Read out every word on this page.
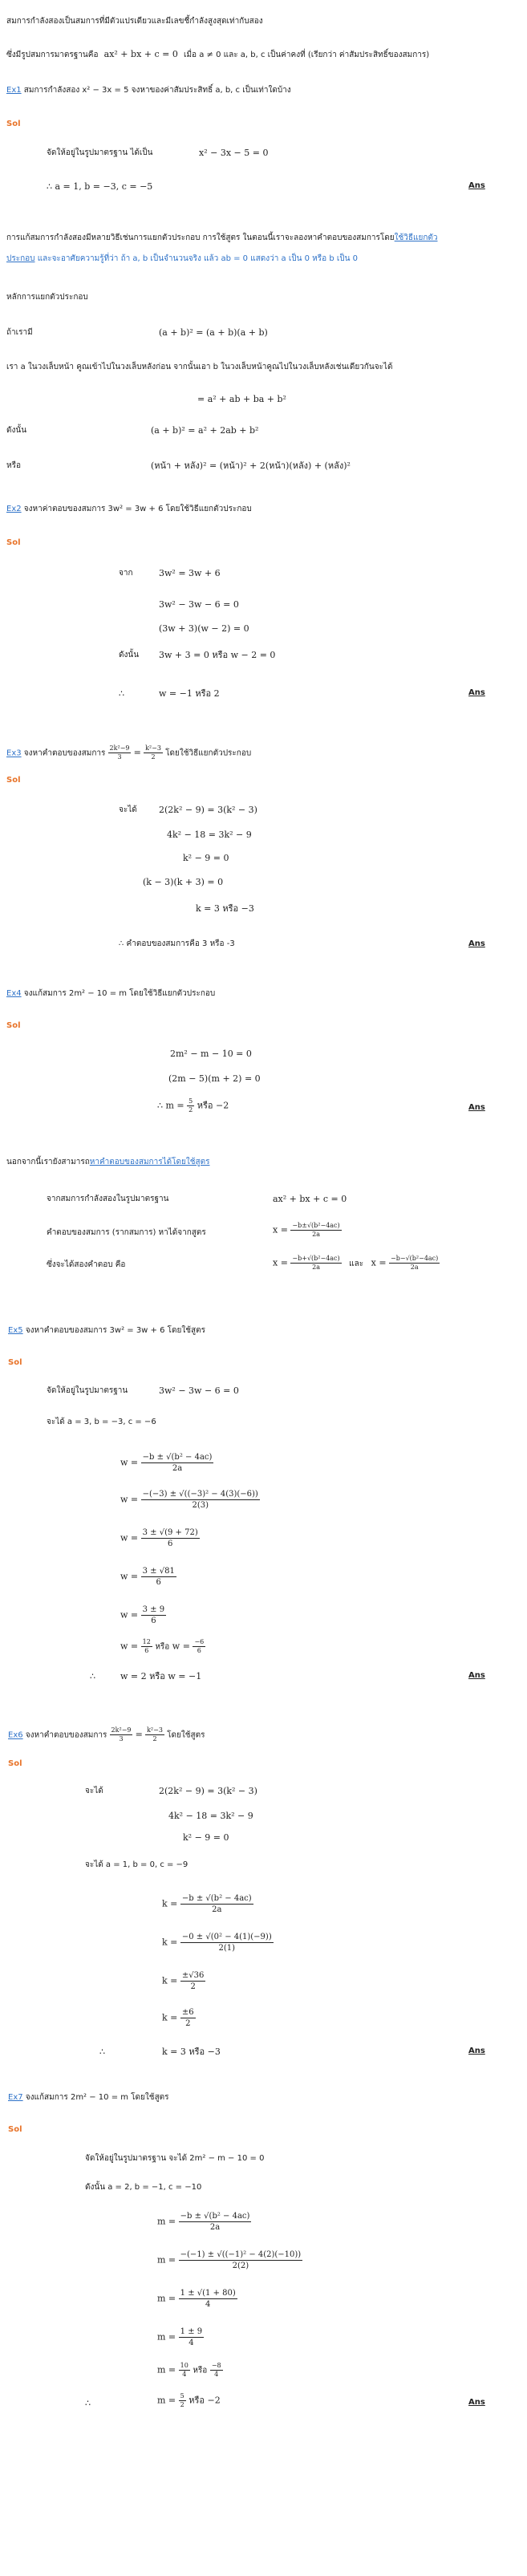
สมการกำลังสองเป็นสมการที่มีตัวแปรเดียวและมีเลขชี้กำลังสูงสุดเท่ากับสอง
ซึ่งมีรูปสมการมาตรฐานคือ ax² + bx + c = 0 เมื่อ a ≠ 0 และ a, b, c เป็นค่าคงที่ (เรียกว่า ค่าสัมประสิทธิ์ของสมการ)
Ex1 สมการกำลังสอง x² − 3x = 5 จงหาของค่าสัมประสิทธิ์ a, b, c เป็นเท่าใดบ้าง
Sol
จัดให้อยู่ในรูปมาตรฐาน ได้เป็น	x² − 3x − 5 = 0
∴ a = 1, b = −3, c = −5	Ans
การแก้สมการกำลังสองมีหลายวิธีเช่นการแยกตัวประกอบ การใช้สูตร ในตอนนี้เราจะลองหาคำตอบของสมการโดยใช้วิธีแยกตัว
ประกอบ และจะอาศัยความรู้ที่ว่า ถ้า a, b เป็นจำนวนจริง แล้ว ab = 0 แสดงว่า a เป็น 0 หรือ b เป็น 0
หลักการแยกตัวประกอบ
ถ้าเรามี	(a + b)² = (a + b)(a + b)
เรา a ในวงเล็บหน้า คูณเข้าไปในวงเล็บหลังก่อน จากนั้นเอา b ในวงเล็บหน้าคูณไปในวงเล็บหลังเช่นเดียวกันจะได้
= a² + ab + ba + b²
ดังนั้น	(a + b)² = a² + 2ab + b²
หรือ	(หน้า + หลัง)² = (หน้า)² + 2(หน้า)(หลัง) + (หลัง)²
Ex2 จงหาค่าตอบของสมการ 3w² = 3w + 6 โดยใช้วิธีแยกตัวประกอบ
Sol
จาก	3w² = 3w + 6
3w² − 3w − 6 = 0
(3w + 3)(w − 2) = 0
ดังนั้น 3w + 3 = 0 หรือ w − 2 = 0
∴	w = −1 หรือ 2	Ans
Ex3 จงหาคำตอบของสมการ $\frac{\text{2k²−9}}{3} = \frac{\text{k²−3}}{2}$ โดยใช้วิธีแยกตัวประกอบ
Sol
จะได้ 2(2k² − 9) = 3(k² − 3)
4k² − 18 = 3k² − 9
k² − 9 = 0
(k − 3)(k + 3) = 0
k = 3 หรือ −3
∴ คำตอบของสมการคือ 3 หรือ -3	Ans
Ex4 จงแก้สมการ 2m² − 10 = m โดยใช้วิธีแยกตัวประกอบ
Sol
2m² − m − 10 = 0
(2m − 5)(m + 2) = 0
∴ $m = \frac{5}{2}$ หรือ −2	Ans
นอกจากนี้เรายังสามารถหาคำตอบของสมการได้โดยใช้สูตร
จากสมการกำลังสองในรูปมาตรฐาน	ax² + bx + c = 0
คำตอบของสมการ (รากสมการ) หาได้จากสูตร	$x = \frac{\text{−b±√(b²−4ac)}}{2a}$
ซึ่งจะได้สองคำตอบ คือ	$x = \frac{\text{−b+√(b²−4ac)}}{2a}$ และ $x = \frac{\text{−b−√(b²−4ac)}}{2a}$
Ex5 จงหาคำตอบของสมการ 3w² = 3w + 6 โดยใช้สูตร
Sol
จัดให้อยู่ในรูปมาตรฐาน	3w² − 3w − 6 = 0
จะได้ a = 3, b = −3, c = −6
$w = \frac{\text{−b ± √(b² − 4ac)}}{2a}$
$w = \frac{\text{−(−3) ± √((−3)² − 4(3)(−6))}}{2(3)}$
$w = \frac{3 \pm √(9 + 72)}{6}$
$w = \frac{3 \pm √81}{6}$
$w = \frac{3 \pm 9}{6}$
$w = \frac{12}{6}$ หรือ $w = \frac{-6}{6}$
∴	w = 2 หรือ w = −1	Ans
Ex6 จงหาคำตอบของสมการ $\frac{\text{2k²−9}}{3} = \frac{\text{k²−3}}{2}$ โดยใช้สูตร
Sol
จะได้	2(2k² − 9) = 3(k² − 3)
4k² − 18 = 3k² − 9
k² − 9 = 0
จะได้ a = 1, b = 0, c = −9
$k = \frac{\text{−b ± √(b² − 4ac)}}{2a}$
$k = \frac{\text{−0 ± √(0² − 4(1)(−9))}}{2(1)}$
$k = \frac{\pm√36}{2}$
$k = \frac{\pm 6}{2}$
∴	k = 3 หรือ −3	Ans
Ex7 จงแก้สมการ 2m² − 10 = m โดยใช้สูตร
Sol
จัดให้อยู่ในรูปมาตรฐาน จะได้ 2m² − m − 10 = 0
ดังนั้น a = 2, b = −1, c = −10
$m = \frac{\text{−b ± √(b² − 4ac)}}{2a}$
$m = \frac{\text{−(−1) ± √((−1)² − 4(2)(−10))}}{2(2)}$
$m = \frac{1 \pm √(1 + 80)}{4}$
$m = \frac{1 \pm 9}{4}$
$m = \frac{10}{4}$ หรือ $\frac{-8}{4}$
∴	$m = \frac{5}{2}$ หรือ −2	Ans
